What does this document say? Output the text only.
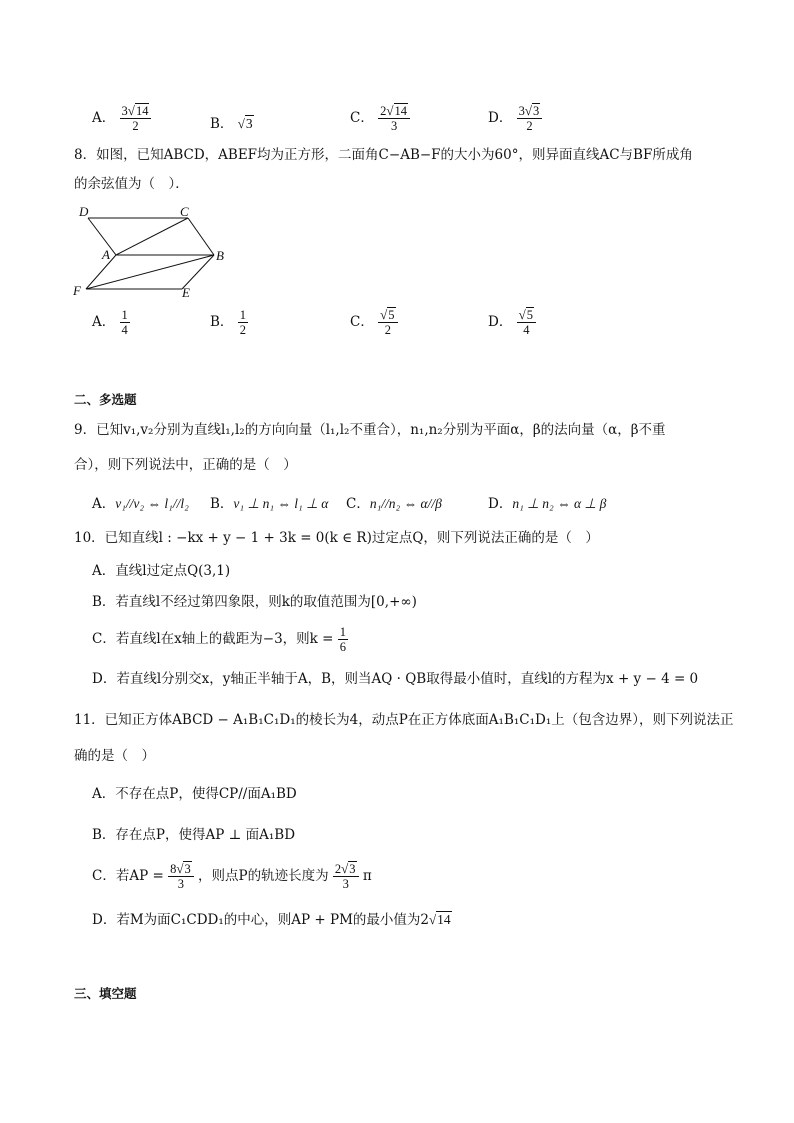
A． $\frac{3√14}{2}$	B． √3	C． $\frac{2√14}{3}$	D． $\frac{3√3}{2}$
8．如图，已知ABCD，ABEF均为正方形，二面角C−AB−F的大小为60°，则异面直线AC与BF所成角
的余弦值为（　）．
D	C
A	B
F	E
A． $\frac{1}{4}$	B． $\frac{1}{2}$	C． $\frac{√5}{2}$	D． $\frac{√5}{4}$
二、多选题
9．已知v₁,v₂分别为直线l₁,l₂的方向向量（l₁,l₂不重合），n₁,n₂分别为平面α，β的法向量（α，β不重
合），则下列说法中，正确的是（　）
A．v₁//v₂ ⇔ l₁//l₂ B．v₁ ⊥ n₁ ⇔ l₁ ⊥ α C．n₁//n₂ ⇔ α//β	D．n₁ ⊥ n₂ ⇔ α ⊥ β
10．已知直线l : −kx + y − 1 + 3k = 0(k ∈ R)过定点Q，则下列说法正确的是（　）
A．直线l过定点Q(3,1)
B．若直线l不经过第四象限，则k的取值范围为[0,+∞)
C．若直线l在x轴上的截距为−3，则$k = \frac{1}{6}$
D．若直线l分别交x，y轴正半轴于A，B，则当AQ · QB取得最小值时，直线l的方程为x + y − 4 = 0
11．已知正方体ABCD − A₁B₁C₁D₁的棱长为4，动点P在正方体底面A₁B₁C₁D₁上（包含边界），则下列说法正
确的是（　）
A．不存在点P，使得CP//面A₁BD
B．存在点P，使得AP ⊥ 面A₁BD
C．若AP = $\frac{8√3}{3}$ ，则点P的轨迹长度为 $\frac{2√3}{3}$ π
D．若M为面C₁CDD₁的中心，则AP + PM的最小值为2√14
三、填空题
